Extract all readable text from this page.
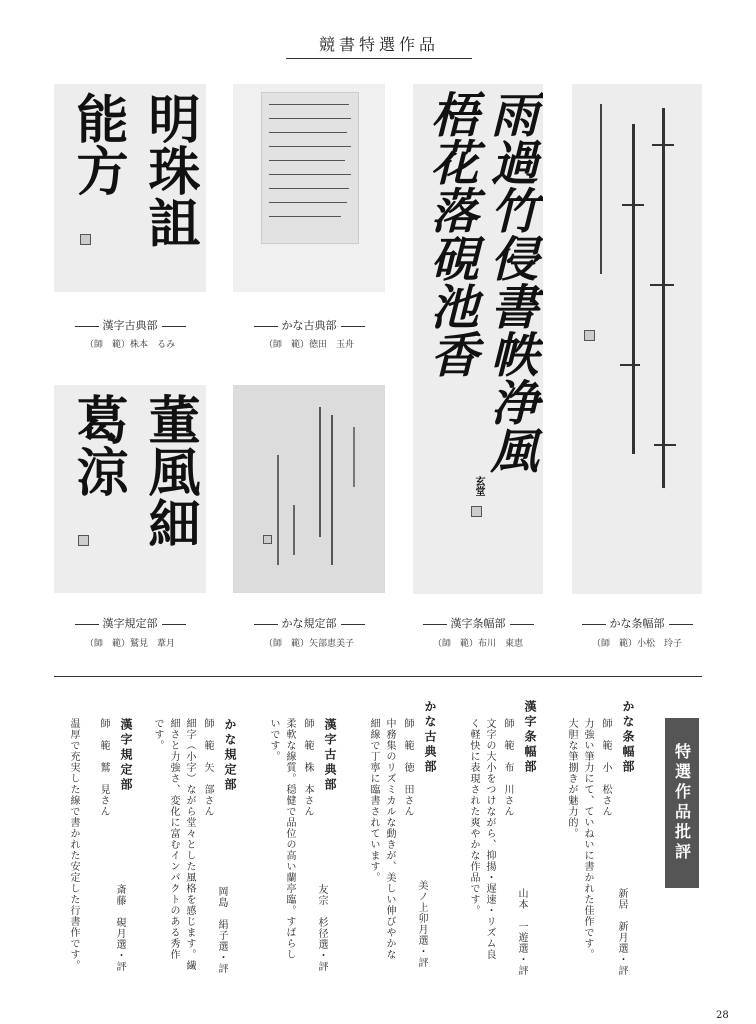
競書特選作品
明珠詛
能方
漢字古典部
（師　範）株本　るみ
かな古典部
（師　範）徳田　玉舟	雨過竹侵書帙浄風
梧花落硯池香
玄堂
漢字条幅部
（師　範）布川　東恵
かな条幅部
（師　範）小松　玲子
董風細
葛涼
漢字規定部
（師　範）鷲見　葦月
かな規定部
（師　範）矢部恵美子
特選作品批評
かな条幅部
師　範　小　松さん
力強い筆力にて、ていねいに書かれた佳作です。
大胆な筆捌きが魅力的。
新居　新月選・評
漢字条幅部
師　範　布　川さん
文字の大小をつけながら、抑揚・遅速・リズム良
く軽快に表現された爽やかな作品です。
山本　一遊選・評
かな古典部
師　範　徳　田さん
中務集のリズミカルな動きが、美しい伸びやかな
細線で丁寧に臨書されています。
美ノ上卯月選・評
漢字古典部
師　範　株　本さん
柔軟な線質。穏健で品位の高い蘭亭臨。すばらし
いです。
友宗　杉径選・評
かな規定部
師　範　矢　部さん
細字（小字）ながら堂々とした風格を感じます。繊
細さと力強さ、変化に富むインパクトのある秀作
です。
岡島　絹子選・評
漢字規定部
師　範　鷲　見さん
温厚で充実した線で書かれた安定した行書作です。	斎藤　硯月選・評
28
